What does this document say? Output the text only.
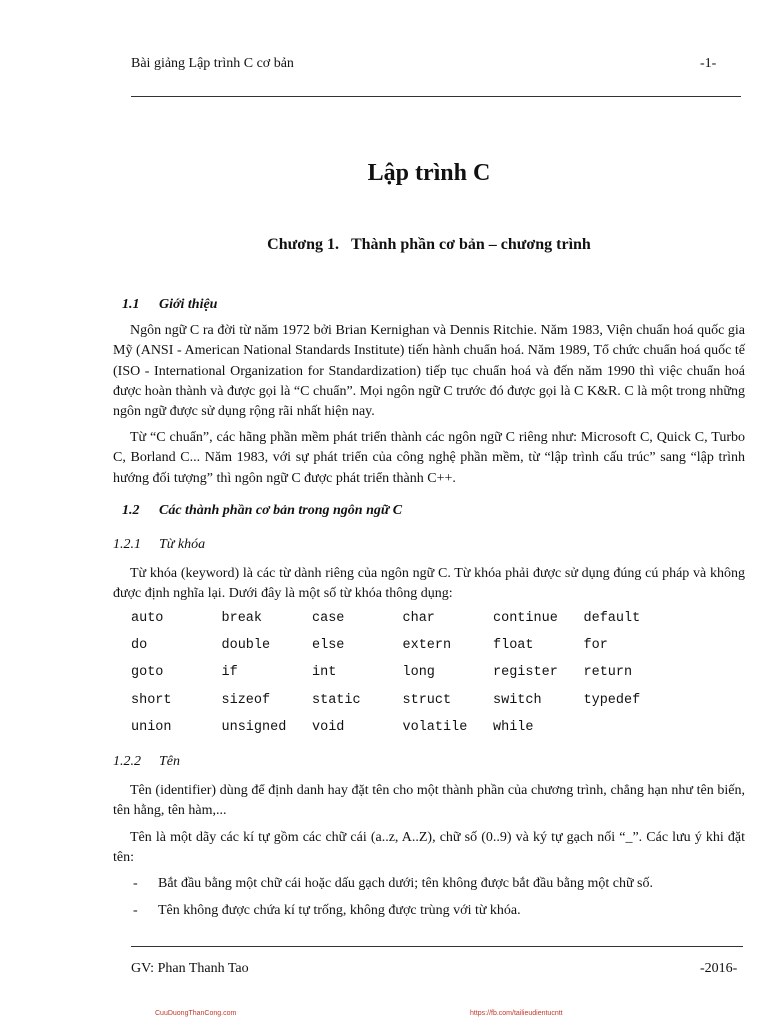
Bài giảng Lập trình C cơ bản	-1-
Lập trình C
Chương 1. Thành phần cơ bản – chương trình
1.1 Giới thiệu

Ngôn ngữ C ra đời từ năm 1972 bởi Brian Kernighan và Dennis Ritchie. Năm 1983, Viện chuẩn hoá quốc gia Mỹ (ANSI - American National Standards Institute) tiến hành chuẩn hoá. Năm 1989, Tổ chức chuẩn hoá quốc tế (ISO - International Organization for Standardization) tiếp tục chuẩn hoá và đến năm 1990 thì việc chuẩn hoá được hoàn thành và được gọi là “C chuẩn”. Mọi ngôn ngữ C trước đó được gọi là C K&R. C là một trong những ngôn ngữ được sử dụng rộng rãi nhất hiện nay.

Từ “C chuẩn”, các hãng phần mềm phát triển thành các ngôn ngữ C riêng như: Microsoft C, Quick C, Turbo C, Borland C... Năm 1983, với sự phát triển của công nghệ phần mềm, từ “lập trình cấu trúc” sang “lập trình hướng đối tượng” thì ngôn ngữ C được phát triển thành C++.

1.2 Các thành phần cơ bản trong ngôn ngữ C
1.2.1 Từ khóa

Từ khóa (keyword) là các từ dành riêng của ngôn ngữ C. Từ khóa phải được sử dụng đúng cú pháp và không được định nghĩa lại. Dưới đây là một số từ khóa thông dụng:

auto	break	case	char	continue default
do	double	else	extern	float	for
goto	if	int	long	register return
short	sizeof	static	struct	switch	typedef
union	unsigned void	volatile while
1.2.2 Tên

Tên (identifier) dùng để định danh hay đặt tên cho một thành phần của chương trình, chẳng hạn như tên biến, tên hằng, tên hàm,...

Tên là một dãy các kí tự gồm các chữ cái (a..z, A..Z), chữ số (0..9) và ký tự gạch nối “_”. Các lưu ý khi đặt tên:

- Bắt đầu bằng một chữ cái hoặc dấu gạch dưới; tên không được bắt đầu bằng một chữ số.
- Tên không được chứa kí tự trống, không được trùng với từ khóa.
GV: Phan Thanh Tao	-2016-
CuuDuongThanCong.com	https://fb.com/tailieudientucntt
